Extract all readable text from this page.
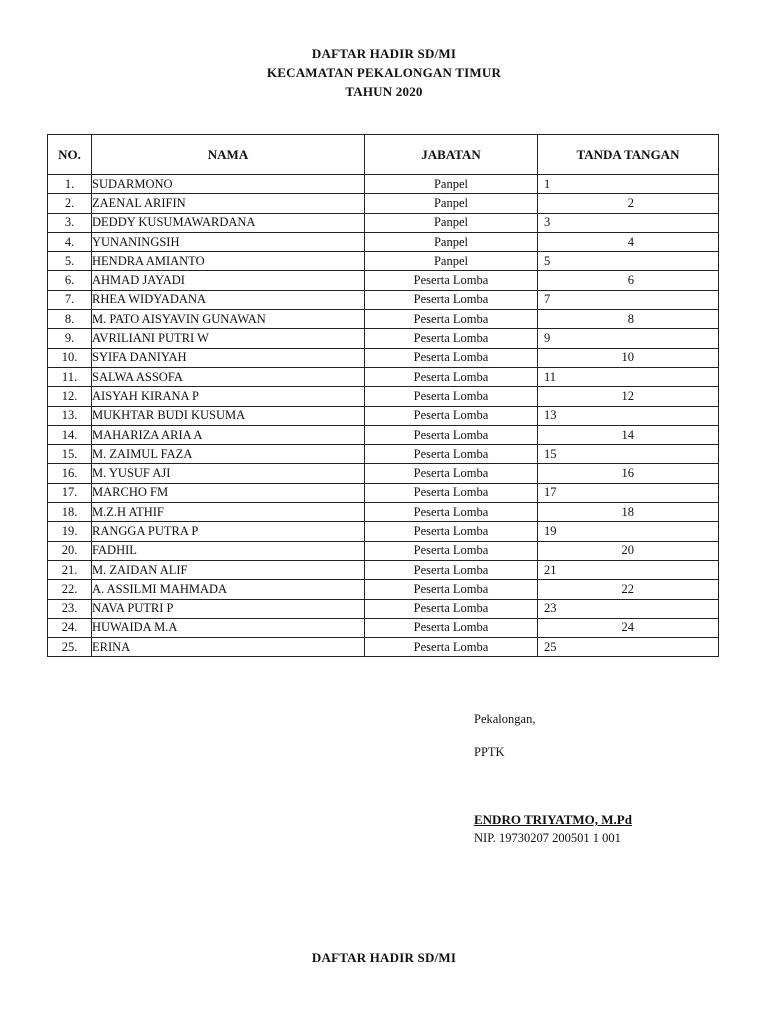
DAFTAR HADIR SD/MI
KECAMATAN PEKALONGAN TIMUR
TAHUN 2020
NO.	NAMA	JABATAN	TANDA TANGAN
1.	SUDARMONO	Panpel	1
2.	ZAENAL ARIFIN	Panpel	2
3.	DEDDY KUSUMAWARDANA	Panpel	3
4.	YUNANINGSIH	Panpel	4
5.	HENDRA AMIANTO	Panpel	5
6.	AHMAD JAYADI	Peserta Lomba	6
7.	RHEA WIDYADANA	Peserta Lomba	7
8.	M. PATO AISYAVIN GUNAWAN	Peserta Lomba	8
9.	AVRILIANI PUTRI W	Peserta Lomba	9
10.	SYIFA DANIYAH	Peserta Lomba	10
11.	SALWA ASSOFA	Peserta Lomba	11
12.	AISYAH KIRANA P	Peserta Lomba	12
13.	MUKHTAR BUDI KUSUMA	Peserta Lomba	13
14.	MAHARIZA ARIA A	Peserta Lomba	14
15.	M. ZAIMUL FAZA	Peserta Lomba	15
16.	M. YUSUF AJI	Peserta Lomba	16
17.	MARCHO FM	Peserta Lomba	17
18.	M.Z.H ATHIF	Peserta Lomba	18
19.	RANGGA PUTRA P	Peserta Lomba	19
20.	FADHIL	Peserta Lomba	20
21.	M. ZAIDAN ALIF	Peserta Lomba	21
22.	A. ASSILMI MAHMADA	Peserta Lomba	22
23.	NAVA PUTRI P	Peserta Lomba	23
24.	HUWAIDA M.A	Peserta Lomba	24
25.	ERINA	Peserta Lomba	25
Pekalongan,
PPTK
ENDRO TRIYATMO, M.Pd
NIP. 19730207 200501 1 001
DAFTAR HADIR SD/MI
